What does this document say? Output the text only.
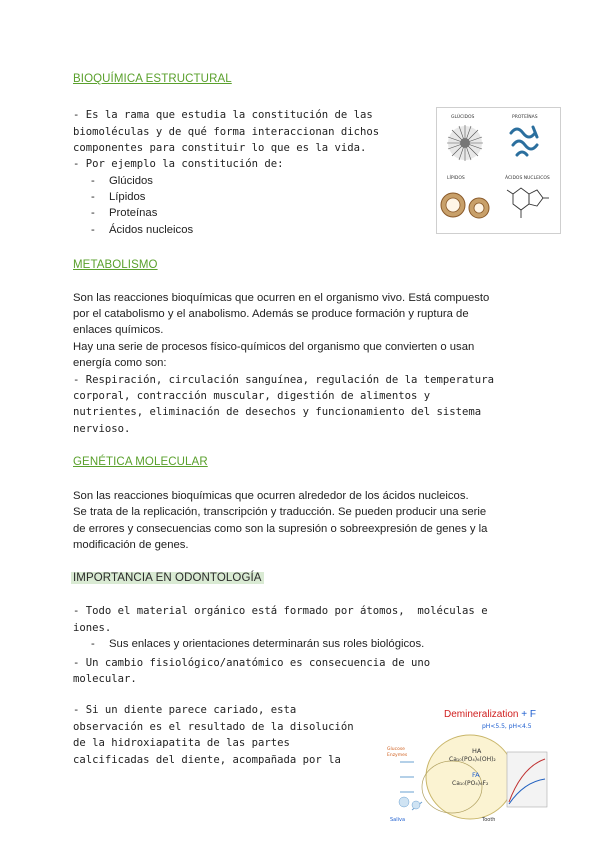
BIOQUÍMICA ESTRUCTURAL
- Es la rama que estudia la constitución de las
biomoléculas y de qué forma interaccionan dichos
componentes para constituir lo que es la vida.
- Por ejemplo la constitución de:
- Glúcidos
- Lípidos
- Proteínas
- Ácidos nucleicos
GLÚCIDOS	PROTEÍNAS
LÍPIDOS	ÁCIDOS NUCLEICOS
METABOLISMO
Son las reacciones bioquímicas que ocurren en el organismo vivo. Está compuesto
por el catabolismo y el anabolismo. Además se produce formación y ruptura de
enlaces químicos.
Hay una serie de procesos físico-químicos del organismo que convierten o usan
energía como son:
- Respiración, circulación sanguínea, regulación de la temperatura
corporal, contracción muscular, digestión de alimentos y
nutrientes, eliminación de desechos y funcionamiento del sistema
nervioso.
GENÉTICA MOLECULAR
Son las reacciones bioquímicas que ocurren alrededor de los ácidos nucleicos.
Se trata de la replicación, transcripción y traducción. Se pueden producir una serie
de errores y consecuencias como son la supresión o sobreexpresión de genes y la
modificación de genes.
IMPORTANCIA EN ODONTOLOGÍA
- Todo el material orgánico está formado por átomos,  moléculas e
iones.
- Sus enlaces y orientaciones determinarán sus roles biológicos.
- Un cambio fisiológico/anatómico es consecuencia de uno
molecular.
- Si un diente parece cariado, esta
observación es el resultado de la disolución
de la hidroxiapatita de las partes
calcificadas del diente, acompañada por la
Demineralization + F
pH<5.5, pH<4.5
Glucose
Enzymes
HA
Ca₁₀(PO₄)₆(OH)₂
FA
Ca₁₀(PO₄)₆F₂
Saliva	Tooth
